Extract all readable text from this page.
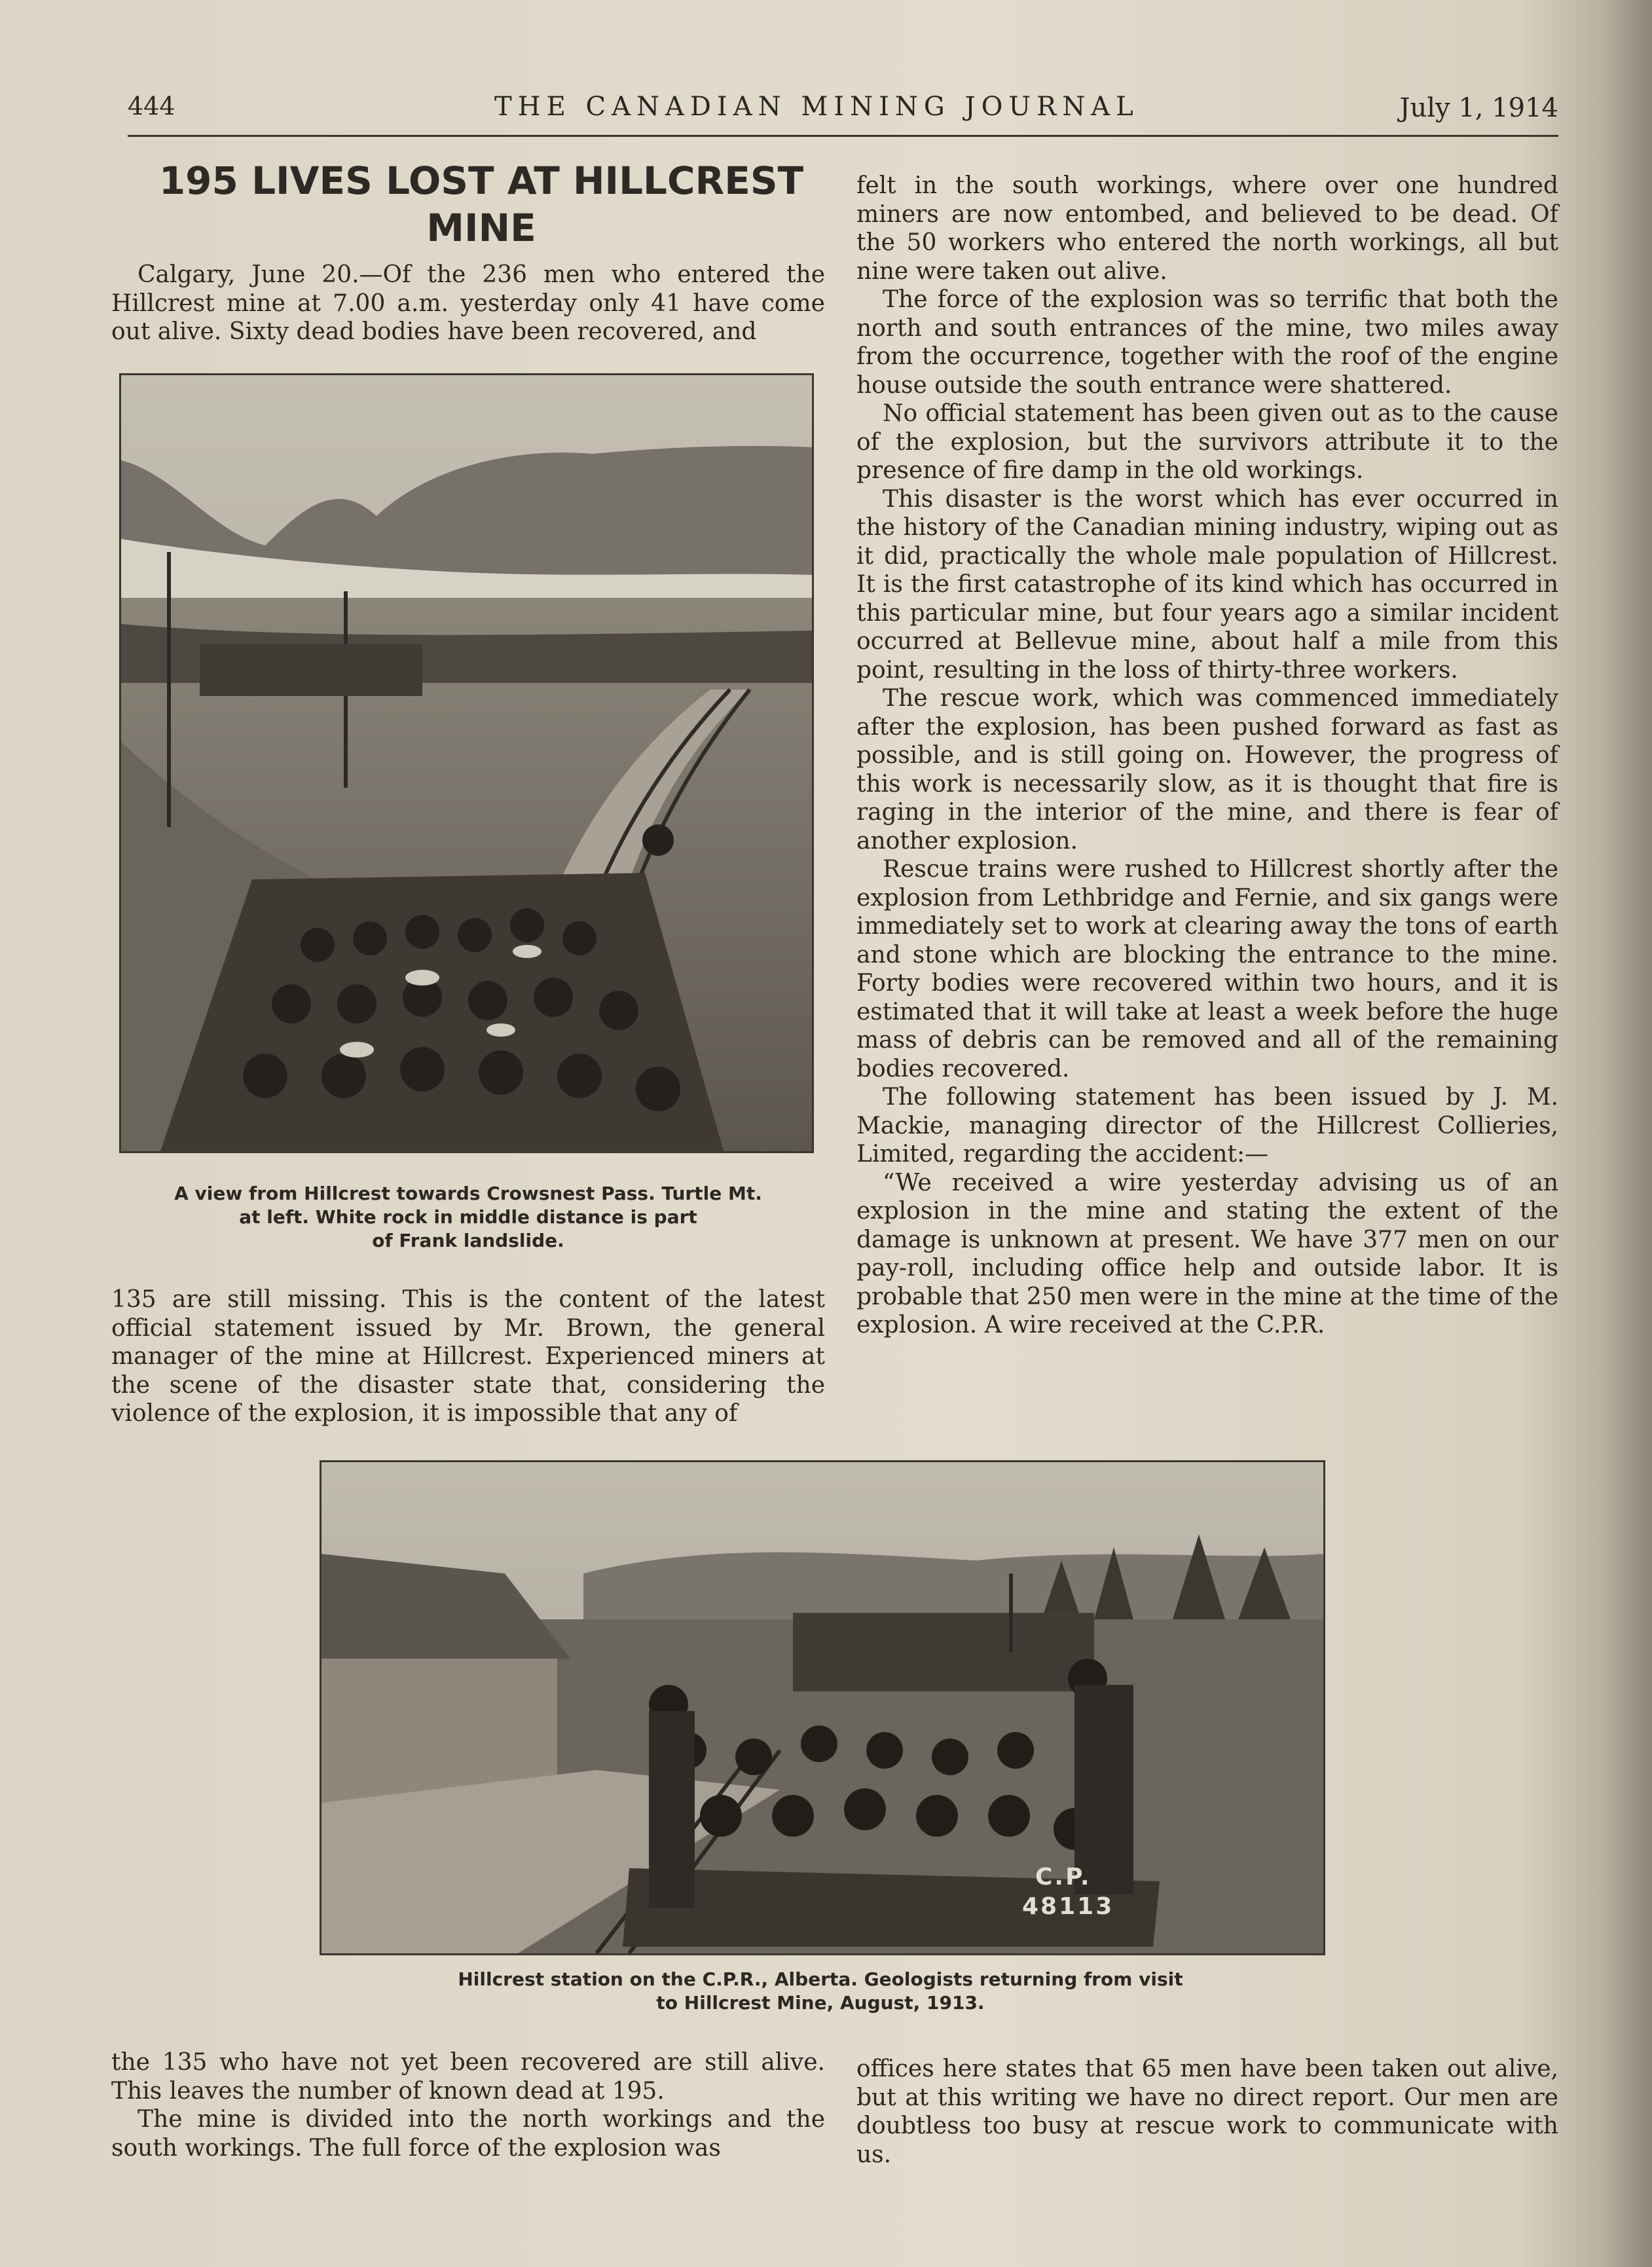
444	THE CANADIAN MINING JOURNAL	July 1, 1914
195 LIVES LOST AT HILLCREST
MINE

Calgary, June 20.—Of the 236 men who entered the Hillcrest mine at 7.00 a.m. yesterday only 41 have come out alive. Sixty dead bodies have been recovered, and

A view from Hillcrest towards Crowsnest Pass. Turtle Mt.
at left. White rock in middle distance is part
of Frank landslide.

135 are still missing. This is the content of the latest official statement issued by Mr. Brown, the general manager of the mine at Hillcrest. Experienced miners at the scene of the disaster state that, considering the violence of the explosion, it is impossible that any of

felt in the south workings, where over one hundred miners are now entombed, and believed to be dead. Of the 50 workers who entered the north workings, all but nine were taken out alive.

The force of the explosion was so terrific that both the north and south entrances of the mine, two miles away from the occurrence, together with the roof of the engine house outside the south entrance were shattered.

No official statement has been given out as to the cause of the explosion, but the survivors attribute it to the presence of fire damp in the old workings.

This disaster is the worst which has ever occurred in the history of the Canadian mining industry, wiping out as it did, practically the whole male population of Hillcrest. It is the first catastrophe of its kind which has occurred in this particular mine, but four years ago a similar incident occurred at Bellevue mine, about half a mile from this point, resulting in the loss of thirty-three workers.

The rescue work, which was commenced immediately after the explosion, has been pushed forward as fast as possible, and is still going on. However, the progress of this work is necessarily slow, as it is thought that fire is raging in the interior of the mine, and there is fear of another explosion.

Rescue trains were rushed to Hillcrest shortly after the explosion from Lethbridge and Fernie, and six gangs were immediately set to work at clearing away the tons of earth and stone which are blocking the entrance to the mine. Forty bodies were recovered within two hours, and it is estimated that it will take at least a week before the huge mass of debris can be removed and all of the remaining bodies recovered.

The following statement has been issued by J. M. Mackie, managing director of the Hillcrest Collieries, Limited, regarding the accident:—

“We received a wire yesterday advising us of an explosion in the mine and stating the extent of the damage is unknown at present. We have 377 men on our pay-roll, including office help and outside labor. It is probable that 250 men were in the mine at the time of the explosion. A wire received at the C.P.R.

C.P.
48113
Hillcrest station on the C.P.R., Alberta. Geologists returning from visit
to Hillcrest Mine, August, 1913.

the 135 who have not yet been recovered are still alive. This leaves the number of known dead at 195.

The mine is divided into the north workings and the south workings. The full force of the explosion was

offices here states that 65 men have been taken out alive, but at this writing we have no direct report. Our men are doubtless too busy at rescue work to communicate with us.
